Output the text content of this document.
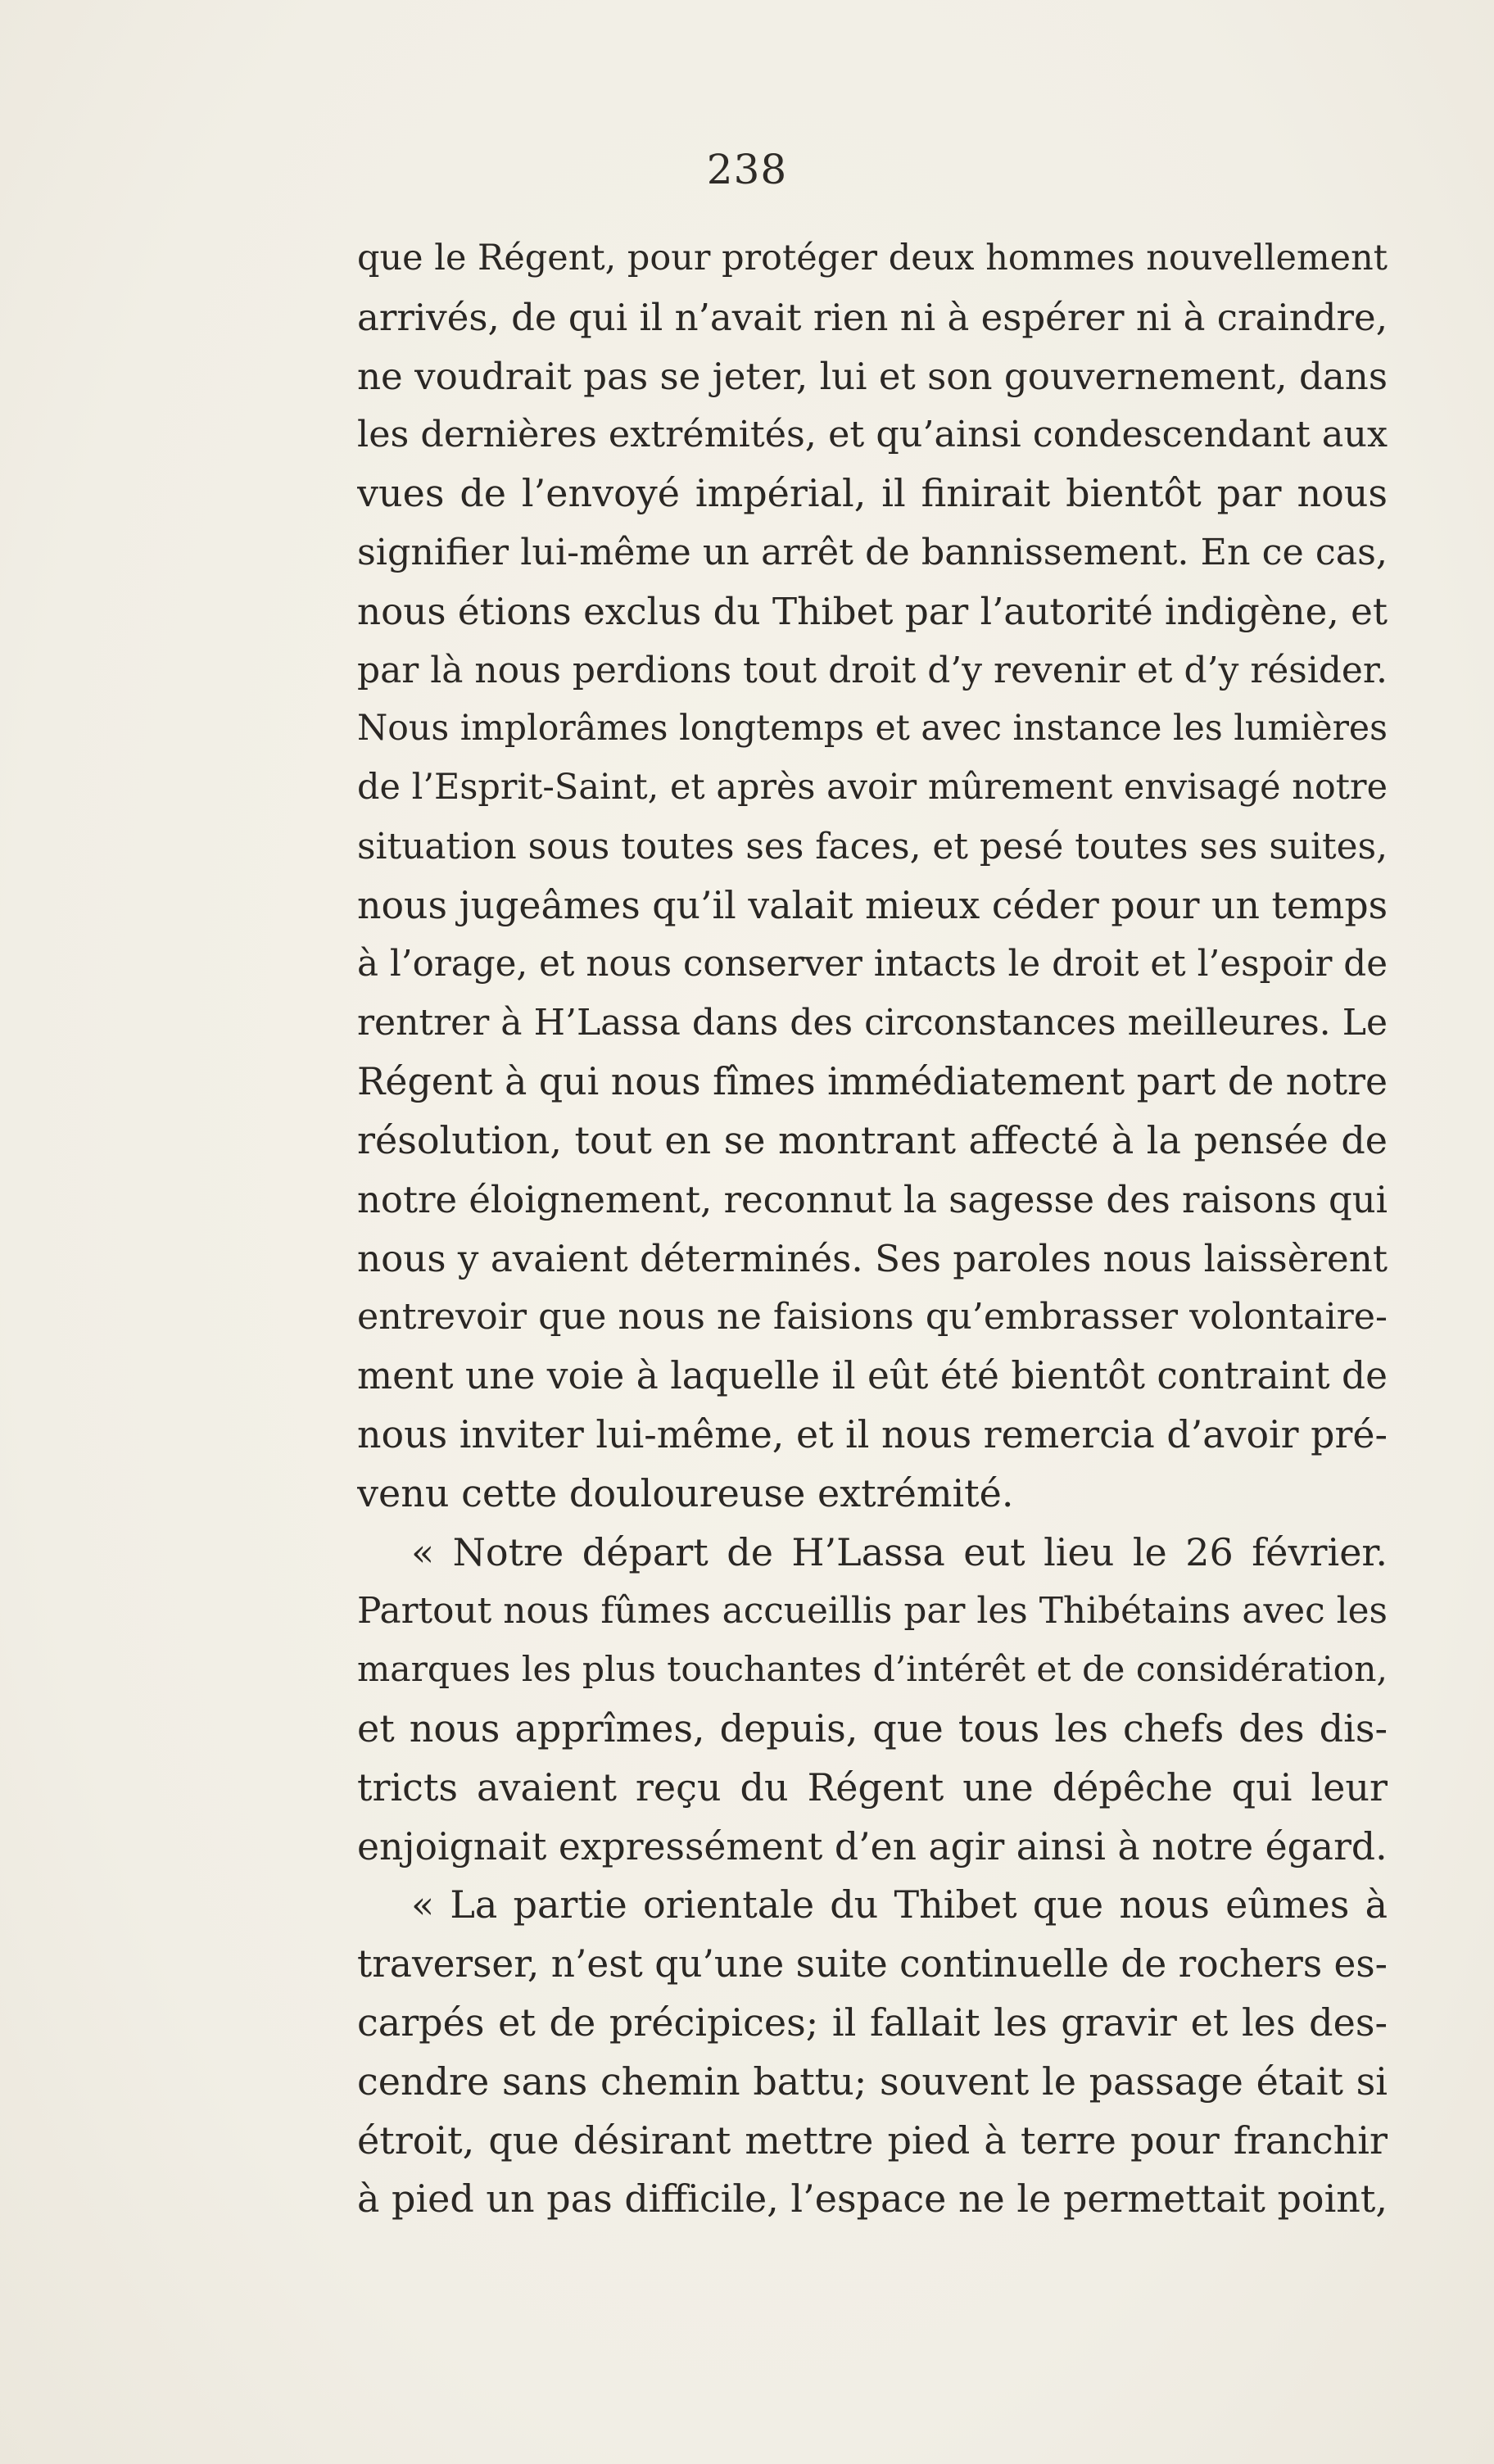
238
que le Régent, pour protéger deux hommes nouvellement
arrivés, de qui il n’avait rien ni à espérer ni à craindre,
ne voudrait pas se jeter, lui et son gouvernement, dans
les dernières extrémités, et qu’ainsi condescendant aux
vues de l’envoyé impérial, il finirait bientôt par nous
signifier lui-même un arrêt de bannissement. En ce cas,
nous étions exclus du Thibet par l’autorité indigène, et
par là nous perdions tout droit d’y revenir et d’y résider.
Nous implorâmes longtemps et avec instance les lumières
de l’Esprit-Saint, et après avoir mûrement envisagé notre
situation sous toutes ses faces, et pesé toutes ses suites,
nous jugeâmes qu’il valait mieux céder pour un temps
à l’orage, et nous conserver intacts le droit et l’espoir de
rentrer à H’Lassa dans des circonstances meilleures. Le
Régent à qui nous fîmes immédiatement part de notre
résolution, tout en se montrant affecté à la pensée de
notre éloignement, reconnut la sagesse des raisons qui
nous y avaient déterminés. Ses paroles nous laissèrent
entrevoir que nous ne faisions qu’embrasser volontaire-
ment une voie à laquelle il eût été bientôt contraint de
nous inviter lui-même, et il nous remercia d’avoir pré-
venu cette douloureuse extrémité.
« Notre départ de H’Lassa eut lieu le 26 février.
Partout nous fûmes accueillis par les Thibétains avec les
marques les plus touchantes d’intérêt et de considération,
et nous apprîmes, depuis, que tous les chefs des dis-
tricts avaient reçu du Régent une dépêche qui leur
enjoignait expressément d’en agir ainsi à notre égard.
« La partie orientale du Thibet que nous eûmes à
traverser, n’est qu’une suite continuelle de rochers es-
carpés et de précipices; il fallait les gravir et les des-
cendre sans chemin battu; souvent le passage était si
étroit, que désirant mettre pied à terre pour franchir
à pied un pas difficile, l’espace ne le permettait point,
